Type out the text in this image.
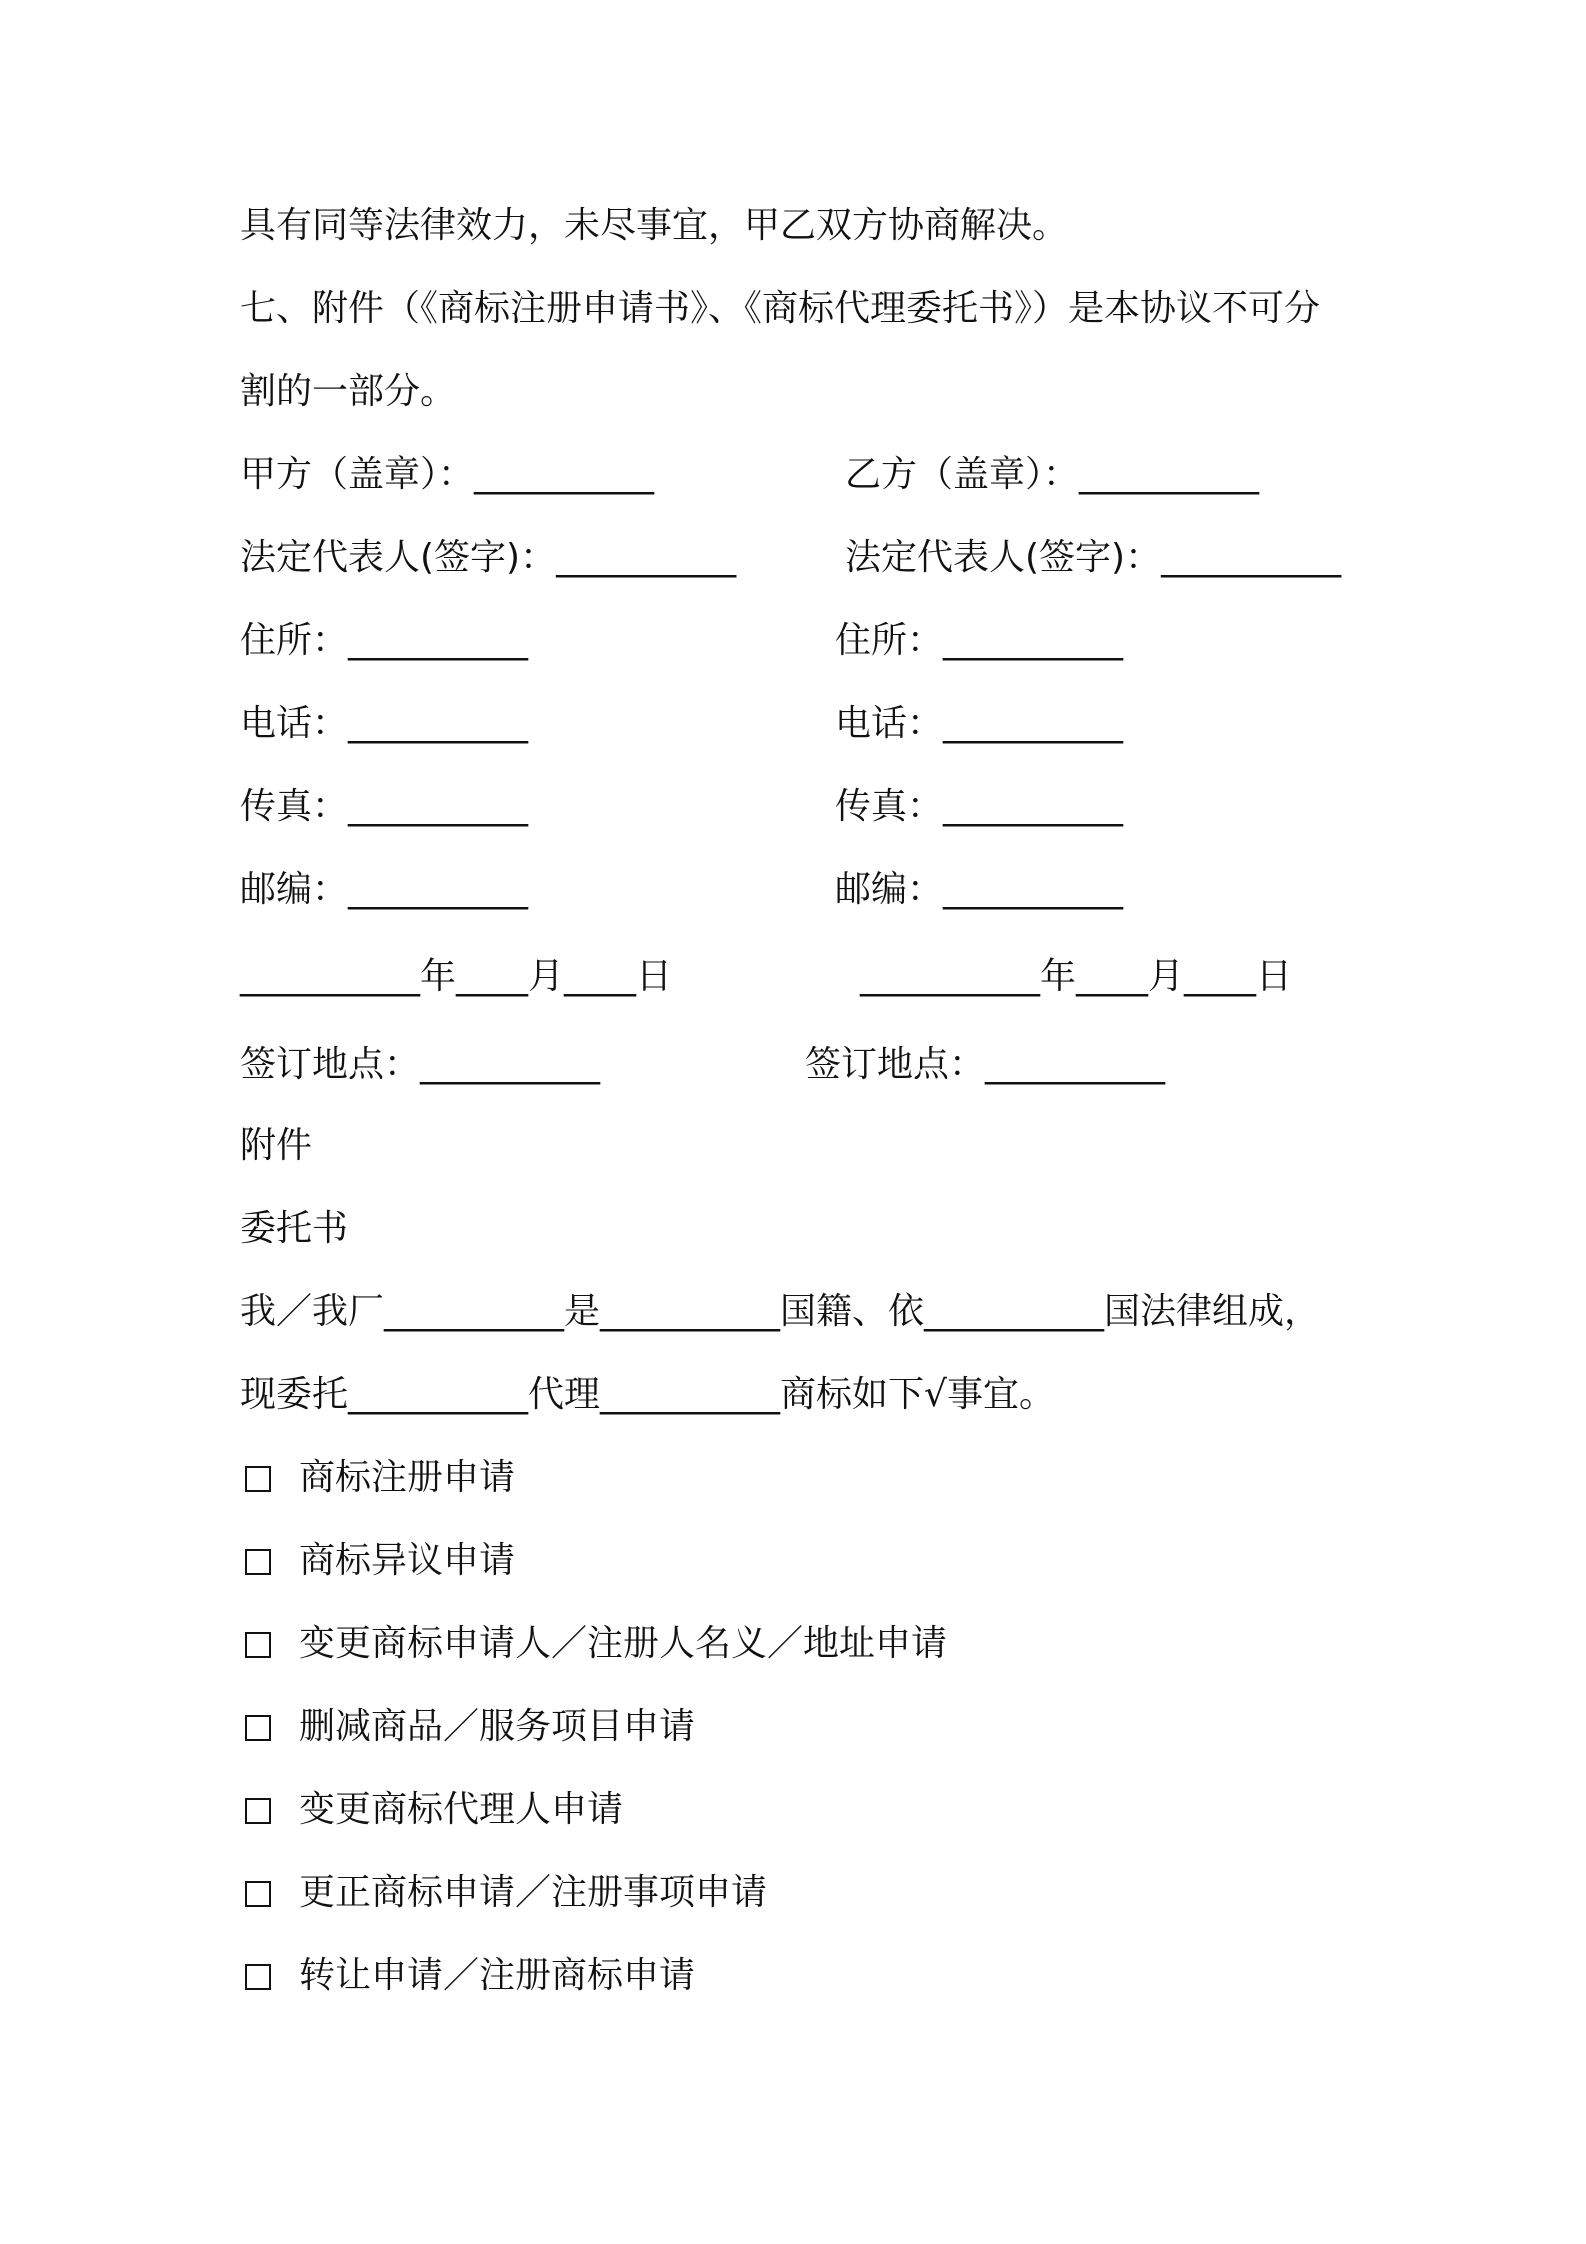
具有同等法律效力，未尽事宜，甲乙双方协商解决。
七、附件（《商标注册申请书》、《商标代理委托书》）是本协议不可分
割的一部分。
甲方（盖章）：__________	乙方（盖章）：__________
法定代表人(签字)：__________	法定代表人(签字)：__________
住所：__________	住所：__________
电话：__________	电话：__________
传真：__________	传真：__________
邮编：__________	邮编：__________
__________年____月____日	__________年____月____日
签订地点：__________	签订地点：__________
附件
委托书
我／我厂__________是__________国籍、依__________国法律组成，
现委托__________代理__________商标如下√事宜。
商标注册申请
商标异议申请
变更商标申请人／注册人名义／地址申请
删减商品／服务项目申请
变更商标代理人申请
更正商标申请／注册事项申请
转让申请／注册商标申请
